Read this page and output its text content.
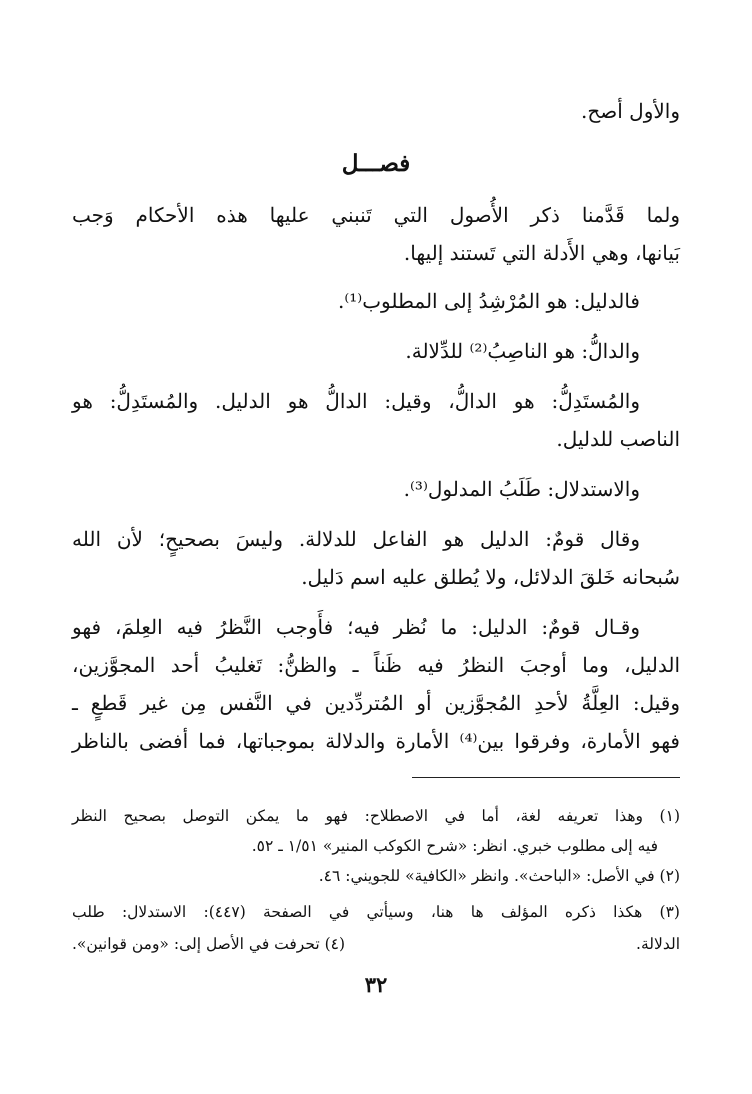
والأول أصح.
فصـــل
ولما قَدَّمنا ذكر الأُصول التي تَنبني عليها هذه الأحكام وَجب
بَيانها، وهي الأَدلة التي تَستند إليها.
فالدليل: هو المُرْشِدُ إلى المطلوب⁽¹⁾.
والدالُّ: هو الناصِبُ⁽²⁾ للدِّلالة.
والمُستَدِلُّ: هو الدالُّ، وقيل: الدالُّ هو الدليل. والمُستَدِلُّ: هو
الناصب للدليل.
والاستدلال: طَلَبُ المدلول⁽³⁾.
وقال قومٌ: الدليل هو الفاعل للدلالة. وليسَ بصحيحٍ؛ لأن الله
سُبحانه خَلقَ الدلائل، ولا يُطلق عليه اسم دَليل.
وقـال قومٌ: الدليل: ما نُظر فيه؛ فأَوجب النَّظرُ فيه العِلمَ، فهو
الدليل، وما أوجبَ النظرُ فيه ظَناً ـ والظنُّ: تَغليبُ أحد المجوَّزين،
وقيل: العِلَّةُ لأحدِ المُجوَّزين أو المُتردِّدين في النَّفس مِن غير قَطعٍ ـ
فهو الأمارة، وفرقوا بين⁽⁴⁾ الأمارة والدلالة بموجباتها، فما أفضى بالناظر
(١) وهذا تعريفه لغة، أما في الاصطلاح: فهو ما يمكن التوصل بصحيح النظر
فيه إلى مطلوب خبري. انظر: «شرح الكوكب المنير» ١/٥١ ـ ٥٢.
(٢) في الأصل: «الباحث». وانظر «الكافية» للجويني: ٤٦.
(٣) هكذا ذكره المؤلف ها هنا، وسيأتي في الصفحة (٤٤٧): الاستدلال: طلب
الدلالة.
(٤) تحرفت في الأصل إلى: «ومن قوانين».
٣٢
